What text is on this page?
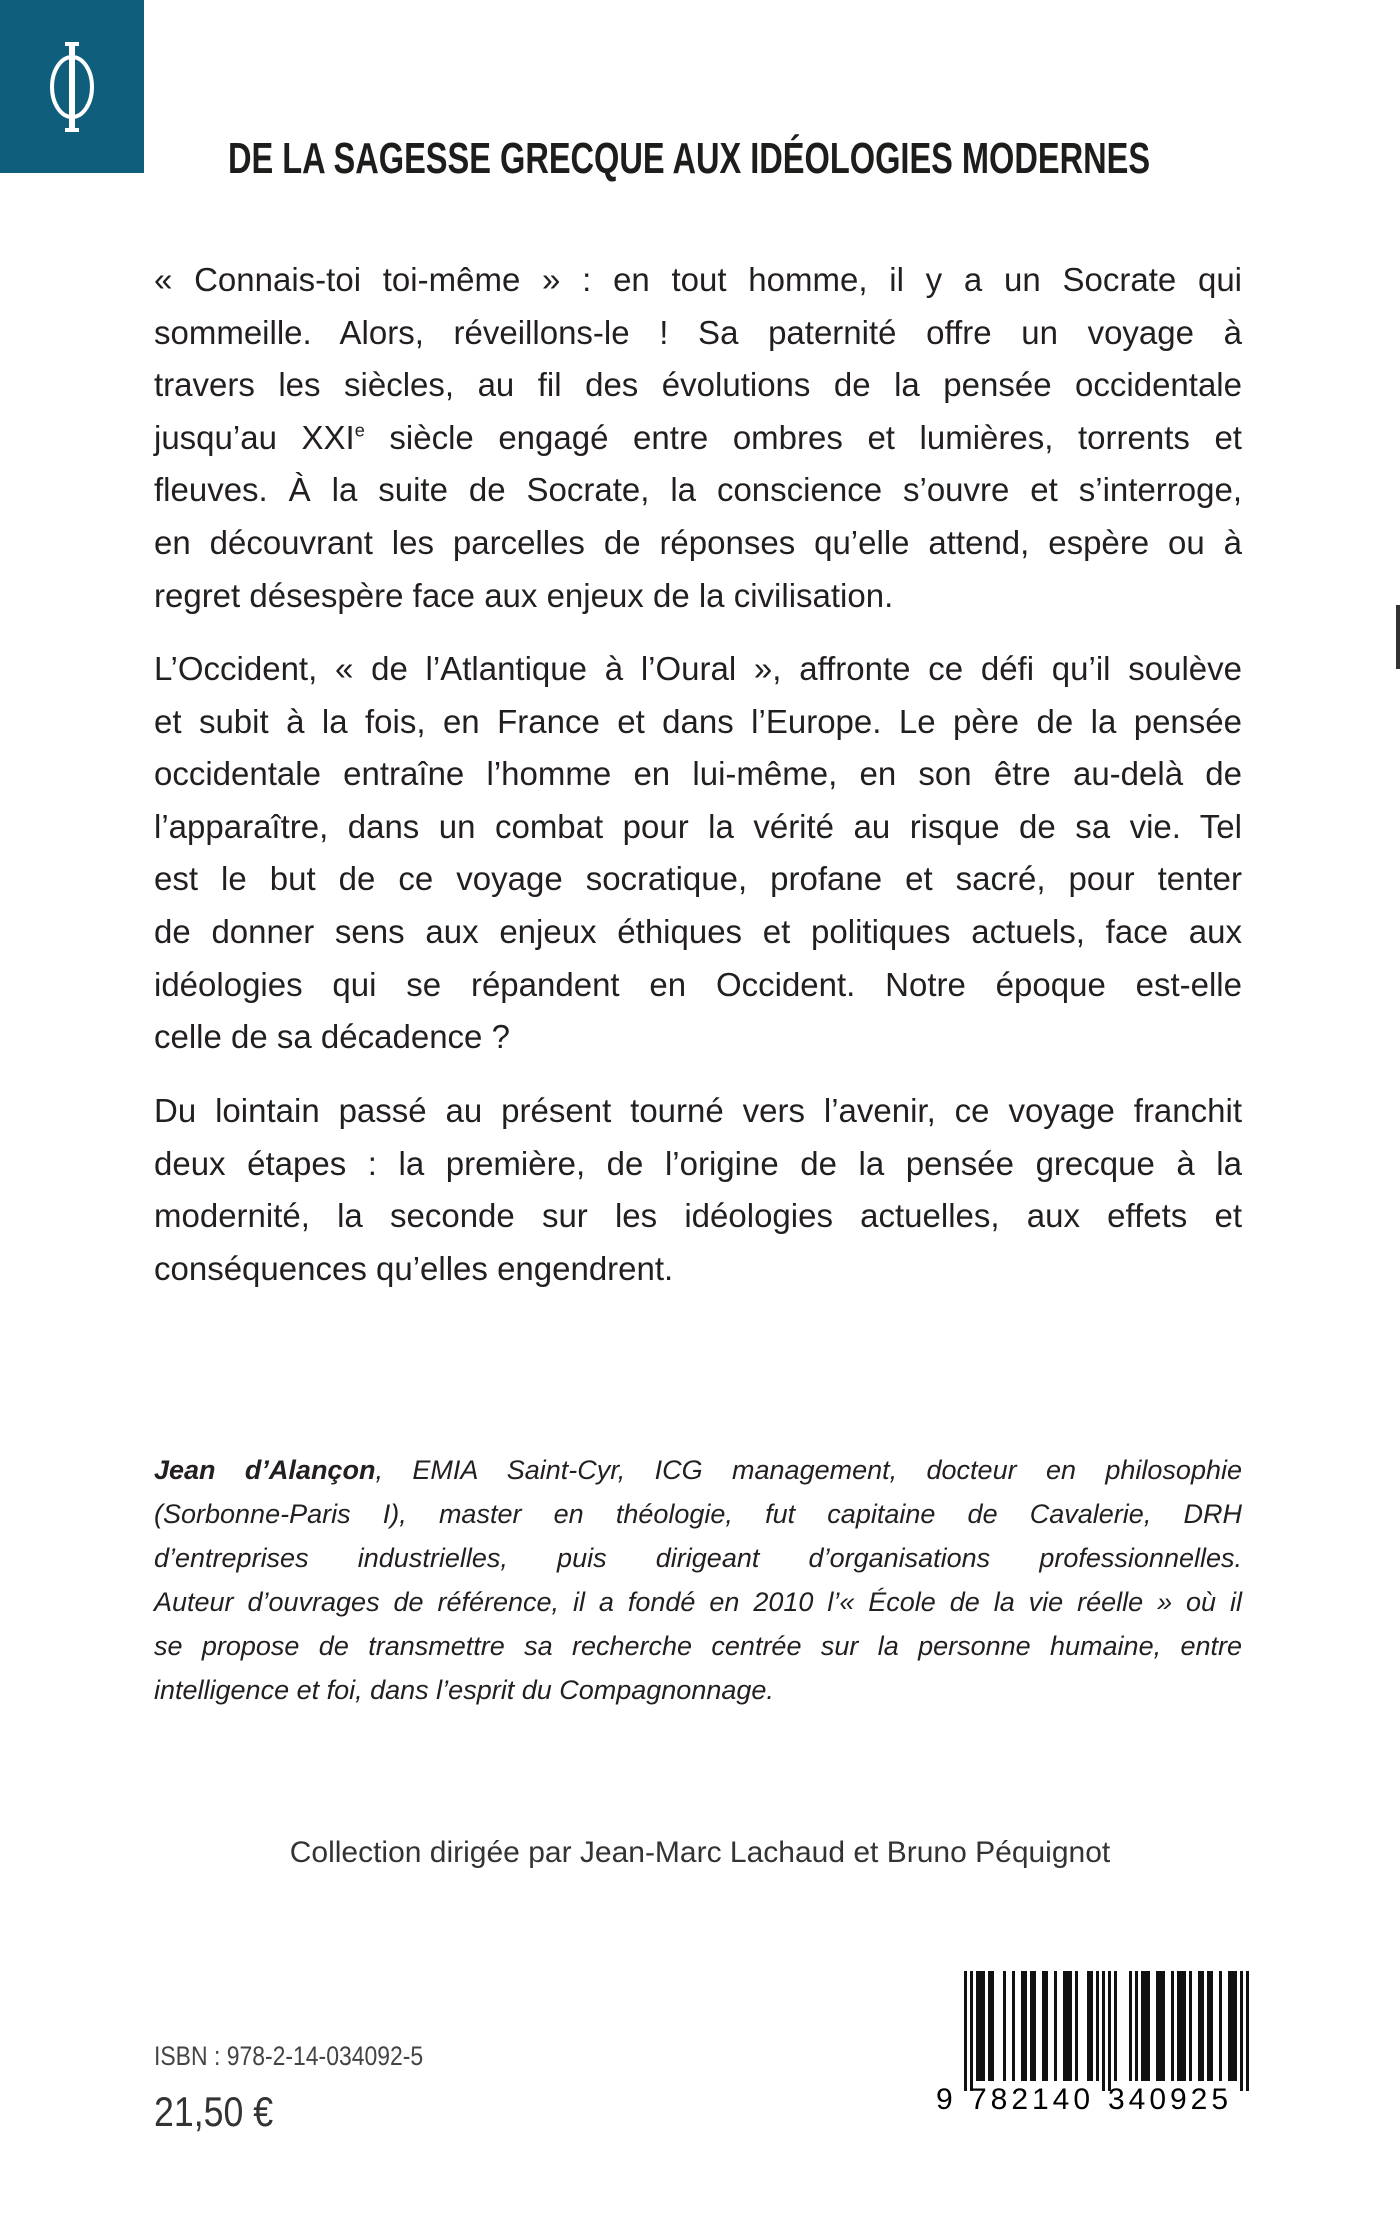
DE LA SAGESSE GRECQUE AUX IDÉOLOGIES MODERNES
« Connais-toi toi-même » : en tout homme, il y a un Socrate qui
sommeille. Alors, réveillons-le ! Sa paternité offre un voyage à
travers les siècles, au fil des évolutions de la pensée occidentale
jusqu’au XXIe siècle engagé entre ombres et lumières, torrents et
fleuves. À la suite de Socrate, la conscience s’ouvre et s’interroge,
en découvrant les parcelles de réponses qu’elle attend, espère ou à
regret désespère face aux enjeux de la civilisation.
L’Occident, « de l’Atlantique à l’Oural », affronte ce défi qu’il soulève
et subit à la fois, en France et dans l’Europe. Le père de la pensée
occidentale entraîne l’homme en lui-même, en son être au-delà de
l’apparaître, dans un combat pour la vérité au risque de sa vie. Tel
est le but de ce voyage socratique, profane et sacré, pour tenter
de donner sens aux enjeux éthiques et politiques actuels, face aux
idéologies qui se répandent en Occident. Notre époque est-elle
celle de sa décadence ?
Du lointain passé au présent tourné vers l’avenir, ce voyage franchit
deux étapes : la première, de l’origine de la pensée grecque à la
modernité, la seconde sur les idéologies actuelles, aux effets et
conséquences qu’elles engendrent.
Jean d’Alançon, EMIA Saint-Cyr, ICG management, docteur en philosophie
(Sorbonne-Paris I), master en théologie, fut capitaine de Cavalerie, DRH
d’entreprises industrielles, puis dirigeant d’organisations professionnelles.
Auteur d’ouvrages de référence, il a fondé en 2010 l’« École de la vie réelle » où il
se propose de transmettre sa recherche centrée sur la personne humaine, entre
intelligence et foi, dans l’esprit du Compagnonnage.
Collection dirigée par Jean-Marc Lachaud et Bruno Péquignot
ISBN : 978-2-14-034092-5
21,50 €	9 782140 340925
